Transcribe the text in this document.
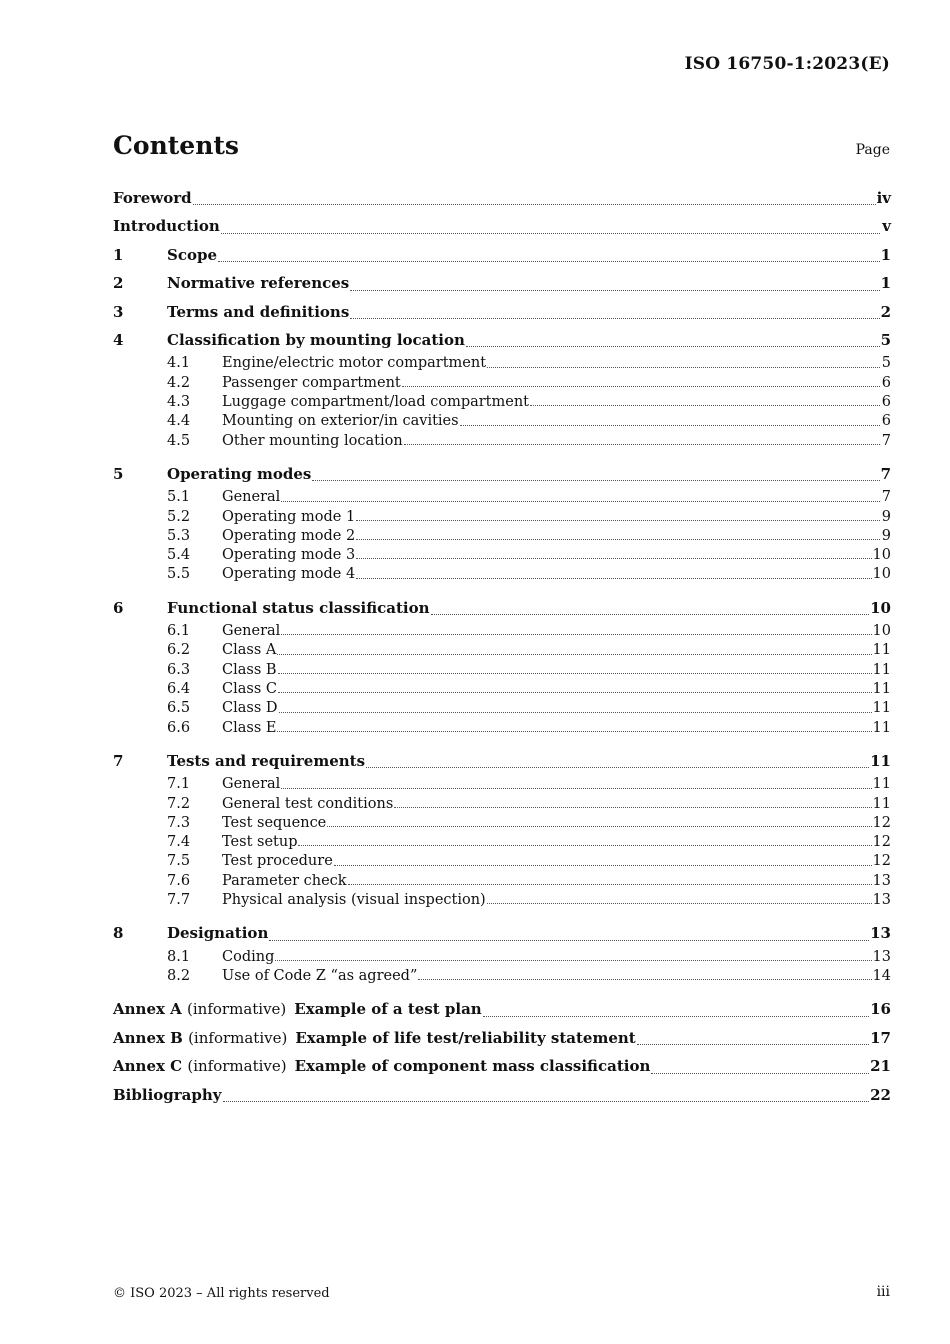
ISO 16750-1:2023(E)
Contents	Page
Foreword	iv
Introduction	v
1	Scope	1
2	Normative references	1
3	Terms and definitions	2
4	Classification by mounting location	5
4.1	Engine/electric motor compartment	5
4.2	Passenger compartment	6
4.3	Luggage compartment/load compartment	6
4.4	Mounting on exterior/in cavities	6
4.5	Other mounting location	7
5	Operating modes	7
5.1	General	7
5.2	Operating mode 1	9
5.3	Operating mode 2	9
5.4	Operating mode 3	10
5.5	Operating mode 4	10
6	Functional status classification	10
6.1	General	10
6.2	Class A	11
6.3	Class B	11
6.4	Class C	11
6.5	Class D	11
6.6	Class E	11
7	Tests and requirements	11
7.1	General	11
7.2	General test conditions	11
7.3	Test sequence	12
7.4	Test setup	12
7.5	Test procedure	12
7.6	Parameter check	13
7.7	Physical analysis (visual inspection)	13
8	Designation	13
8.1	Coding	13
8.2	Use of Code Z “as agreed”	14
Annex A (informative) Example of a test plan	16
Annex B (informative) Example of life test/reliability statement	17
Annex C (informative) Example of component mass classification	21
Bibliography	22
© ISO 2023 – All rights reserved	iii
